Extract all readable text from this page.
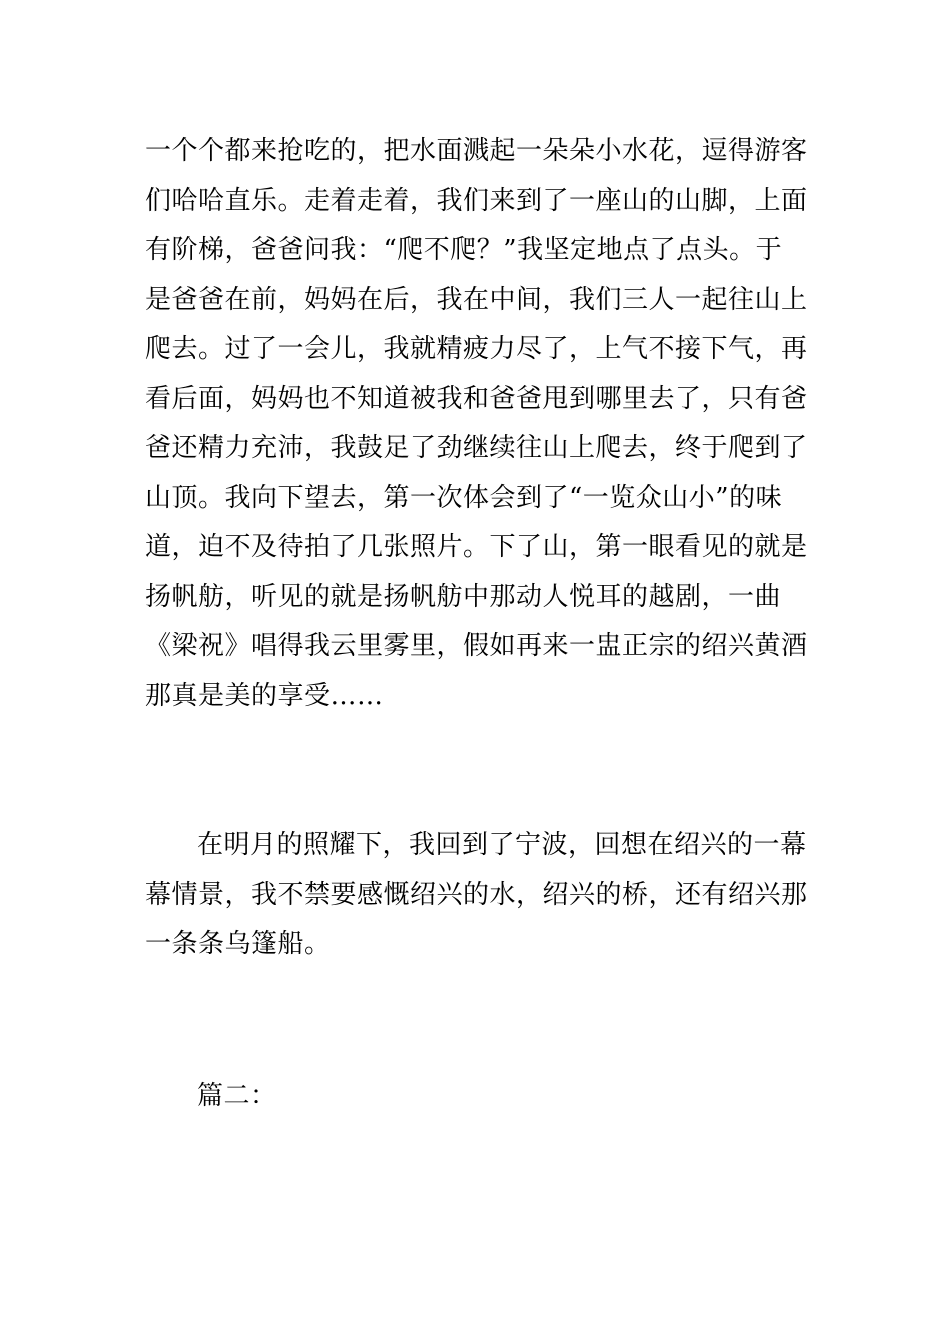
一个个都来抢吃的，把水面溅起一朵朵小水花，逗得游客
们哈哈直乐。走着走着，我们来到了一座山的山脚，上面
有阶梯，爸爸问我：“爬不爬？”我坚定地点了点头。于
是爸爸在前，妈妈在后，我在中间，我们三人一起往山上
爬去。过了一会儿，我就精疲力尽了，上气不接下气，再
看后面，妈妈也不知道被我和爸爸甩到哪里去了，只有爸
爸还精力充沛，我鼓足了劲继续往山上爬去，终于爬到了
山顶。我向下望去，第一次体会到了“一览众山小”的味
道，迫不及待拍了几张照片。下了山，第一眼看见的就是
扬帆舫，听见的就是扬帆舫中那动人悦耳的越剧，一曲
《梁祝》唱得我云里雾里，假如再来一盅正宗的绍兴黄酒
那真是美的享受……
在明月的照耀下，我回到了宁波，回想在绍兴的一幕
幕情景，我不禁要感慨绍兴的水，绍兴的桥，还有绍兴那
一条条乌篷船。
篇二：
